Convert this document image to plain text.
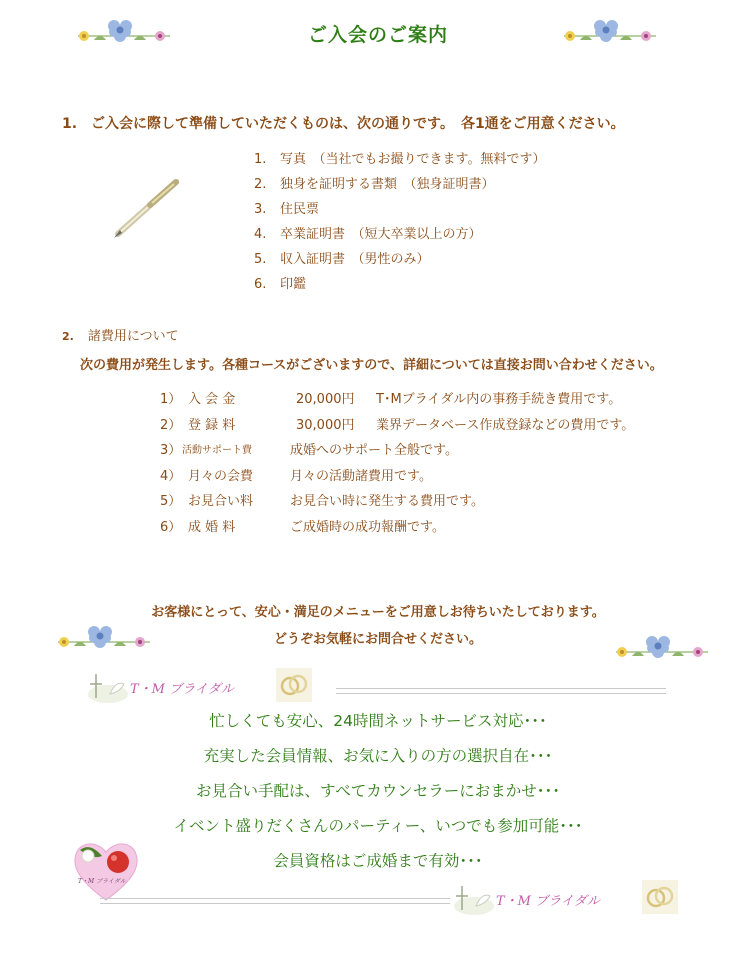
ご入会のご案内
1.　ご入会に際して準備していただくものは、次の通りです。　各1通をご用意ください。
1. 写真　（当社でもお撮りできます。無料です）
2. 独身を証明する書類　（独身証明書）
3. 住民票
4. 卒業証明書　（短大卒業以上の方）
5. 収入証明書　（男性のみ）
6. 印鑑
2. 諸費用について
次の費用が発生します。各種コースがございますので、詳細については直接お問い合わせください。
1） 入 会 金	20,000円 T･Mブライダル内の事務手続き費用です。
2） 登 録 料	30,000円 業界データベース作成登録などの費用です。
3） 活動サポート費	成婚へのサポート全般です。
4） 月々の会費	月々の活動諸費用です。
5） お見合い料	お見合い時に発生する費用です。
6） 成 婚 料	ご成婚時の成功報酬です。
お客様にとって、安心・満足のメニューをご用意しお待ちいたしております。
どうぞお気軽にお問合せください。
T・M ブライダル
忙しくても安心、24時間ネットサービス対応･･･
充実した会員情報、お気に入りの方の選択自在･･･
お見合い手配は、すべてカウンセラーにおまかせ･･･
イベント盛りだくさんのパーティー、いつでも参加可能･･･
会員資格はご成婚まで有効･･･
T・M ブライダル
T・M ブライダル
